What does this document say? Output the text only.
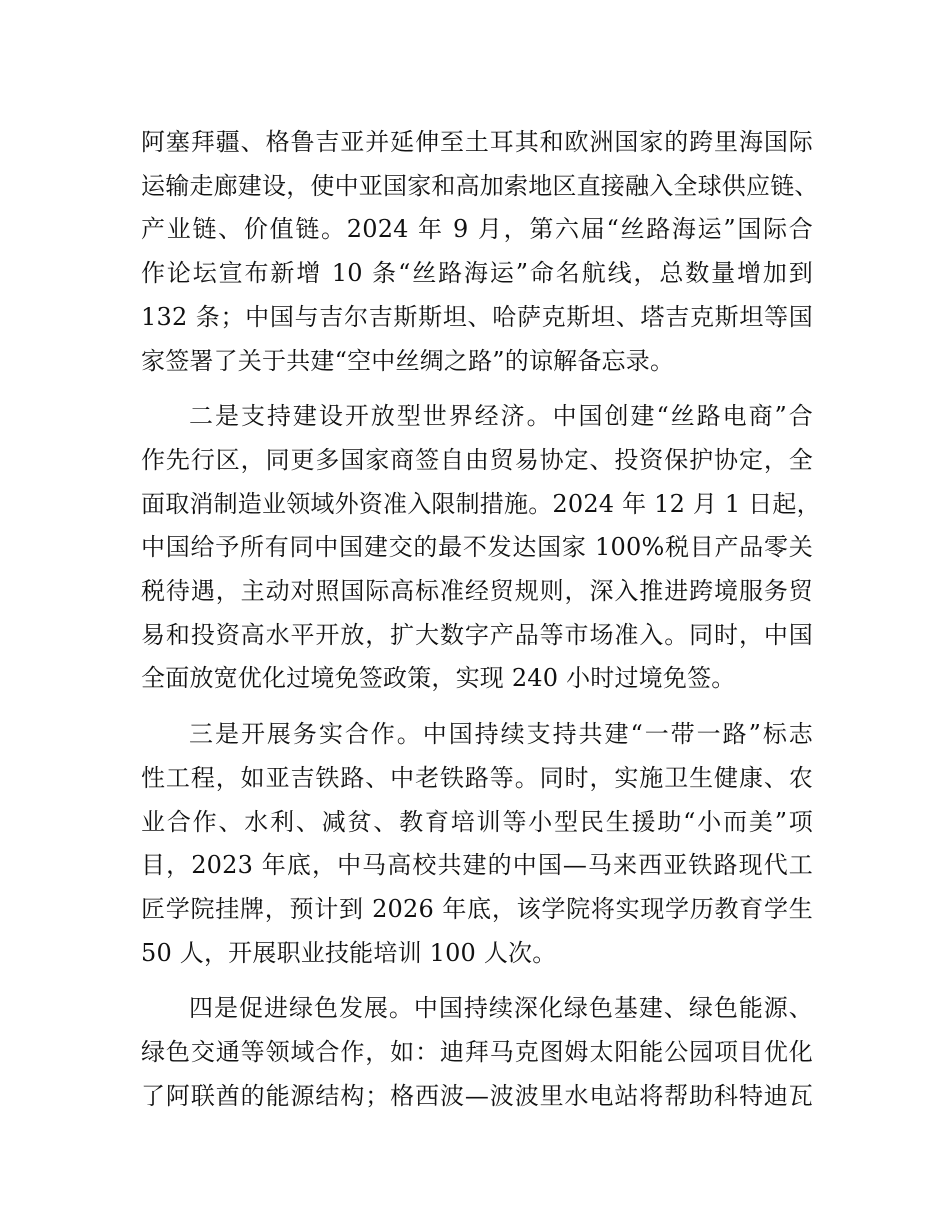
阿塞拜疆、格鲁吉亚并延伸至土耳其和欧洲国家的跨里海国际
运输走廊建设，使中亚国家和高加索地区直接融入全球供应链、
产业链、价值链。2024 年 9 月，第六届“丝路海运”国际合
作论坛宣布新增 10 条“丝路海运”命名航线，总数量增加到
132 条；中国与吉尔吉斯斯坦、哈萨克斯坦、塔吉克斯坦等国
家签署了关于共建“空中丝绸之路”的谅解备忘录。
二是支持建设开放型世界经济。中国创建“丝路电商”合
作先行区，同更多国家商签自由贸易协定、投资保护协定，全
面取消制造业领域外资准入限制措施。2024 年 12 月 1 日起，
中国给予所有同中国建交的最不发达国家 100%税目产品零关
税待遇，主动对照国际高标准经贸规则，深入推进跨境服务贸
易和投资高水平开放，扩大数字产品等市场准入。同时，中国
全面放宽优化过境免签政策，实现 240 小时过境免签。
三是开展务实合作。中国持续支持共建“一带一路”标志
性工程，如亚吉铁路、中老铁路等。同时，实施卫生健康、农
业合作、水利、减贫、教育培训等小型民生援助“小而美”项
目，2023 年底，中马高校共建的中国—马来西亚铁路现代工
匠学院挂牌，预计到 2026 年底，该学院将实现学历教育学生
50 人，开展职业技能培训 100 人次。
四是促进绿色发展。中国持续深化绿色基建、绿色能源、
绿色交通等领域合作，如：迪拜马克图姆太阳能公园项目优化
了阿联酋的能源结构；格西波—波波里水电站将帮助科特迪瓦
